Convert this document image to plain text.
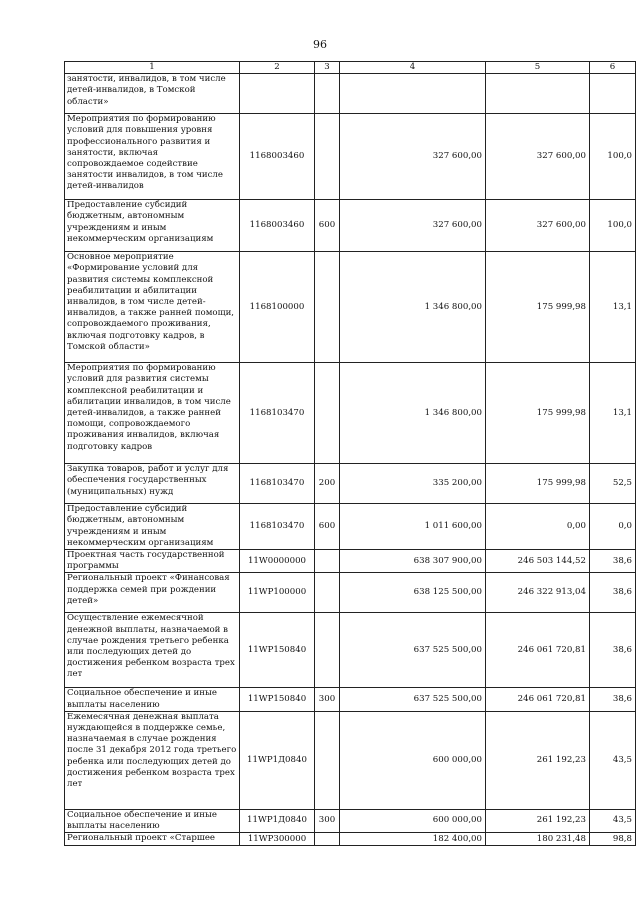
96
1	2	3	4	5	6
занятости, инвалидов, в том числе детей-инвалидов, в Томской области»					
Мероприятия по формированию условий для повышения уровня профессионального развития и занятости, включая сопровождаемое содействие занятости инвалидов, в том числе детей-инвалидов	1168003460		327 600,00	327 600,00	100,0
Предоставление субсидий бюджетным, автономным учреждениям и иным некоммерческим организациям	1168003460	600	327 600,00	327 600,00	100,0
Основное мероприятие «Формирование условий для развития системы комплексной реабилитации и абилитации инвалидов, в том числе детей-инвалидов, а также ранней помощи, сопровождаемого проживания, включая подготовку кадров, в Томской области»	1168100000		1 346 800,00	175 999,98	13,1
Мероприятия по формированию условий для развития системы комплексной реабилитации и абилитации инвалидов, в том числе детей-инвалидов, а также ранней помощи, сопровождаемого проживания инвалидов, включая подготовку кадров	1168103470		1 346 800,00	175 999,98	13,1
Закупка товаров, работ и услуг для обеспечения государственных (муниципальных) нужд	1168103470	200	335 200,00	175 999,98	52,5
Предоставление субсидий бюджетным, автономным учреждениям и иным некоммерческим организациям	1168103470	600	1 011 600,00	0,00	0,0
Проектная часть государственной программы	11W0000000		638 307 900,00	246 503 144,52	38,6
Региональный проект «Финансовая поддержка семей при рождении детей»	11WP100000		638 125 500,00	246 322 913,04	38,6
Осуществление ежемесячной денежной выплаты, назначаемой в случае рождения третьего ребенка или последующих детей до достижения ребенком возраста трех лет	11WP150840		637 525 500,00	246 061 720,81	38,6
Социальное обеспечение и иные выплаты населению	11WP150840	300	637 525 500,00	246 061 720,81	38,6
Ежемесячная денежная выплата нуждающейся в поддержке семье, назначаемая в случае рождения после 31 декабря 2012 года третьего ребенка или последующих детей до достижения ребенком возраста трех лет	11WP1Д0840		600 000,00	261 192,23	43,5
Социальное обеспечение и иные выплаты населению	11WP1Д0840	300	600 000,00	261 192,23	43,5
Региональный проект «Старшее	11WP300000		182 400,00	180 231,48	98,8
